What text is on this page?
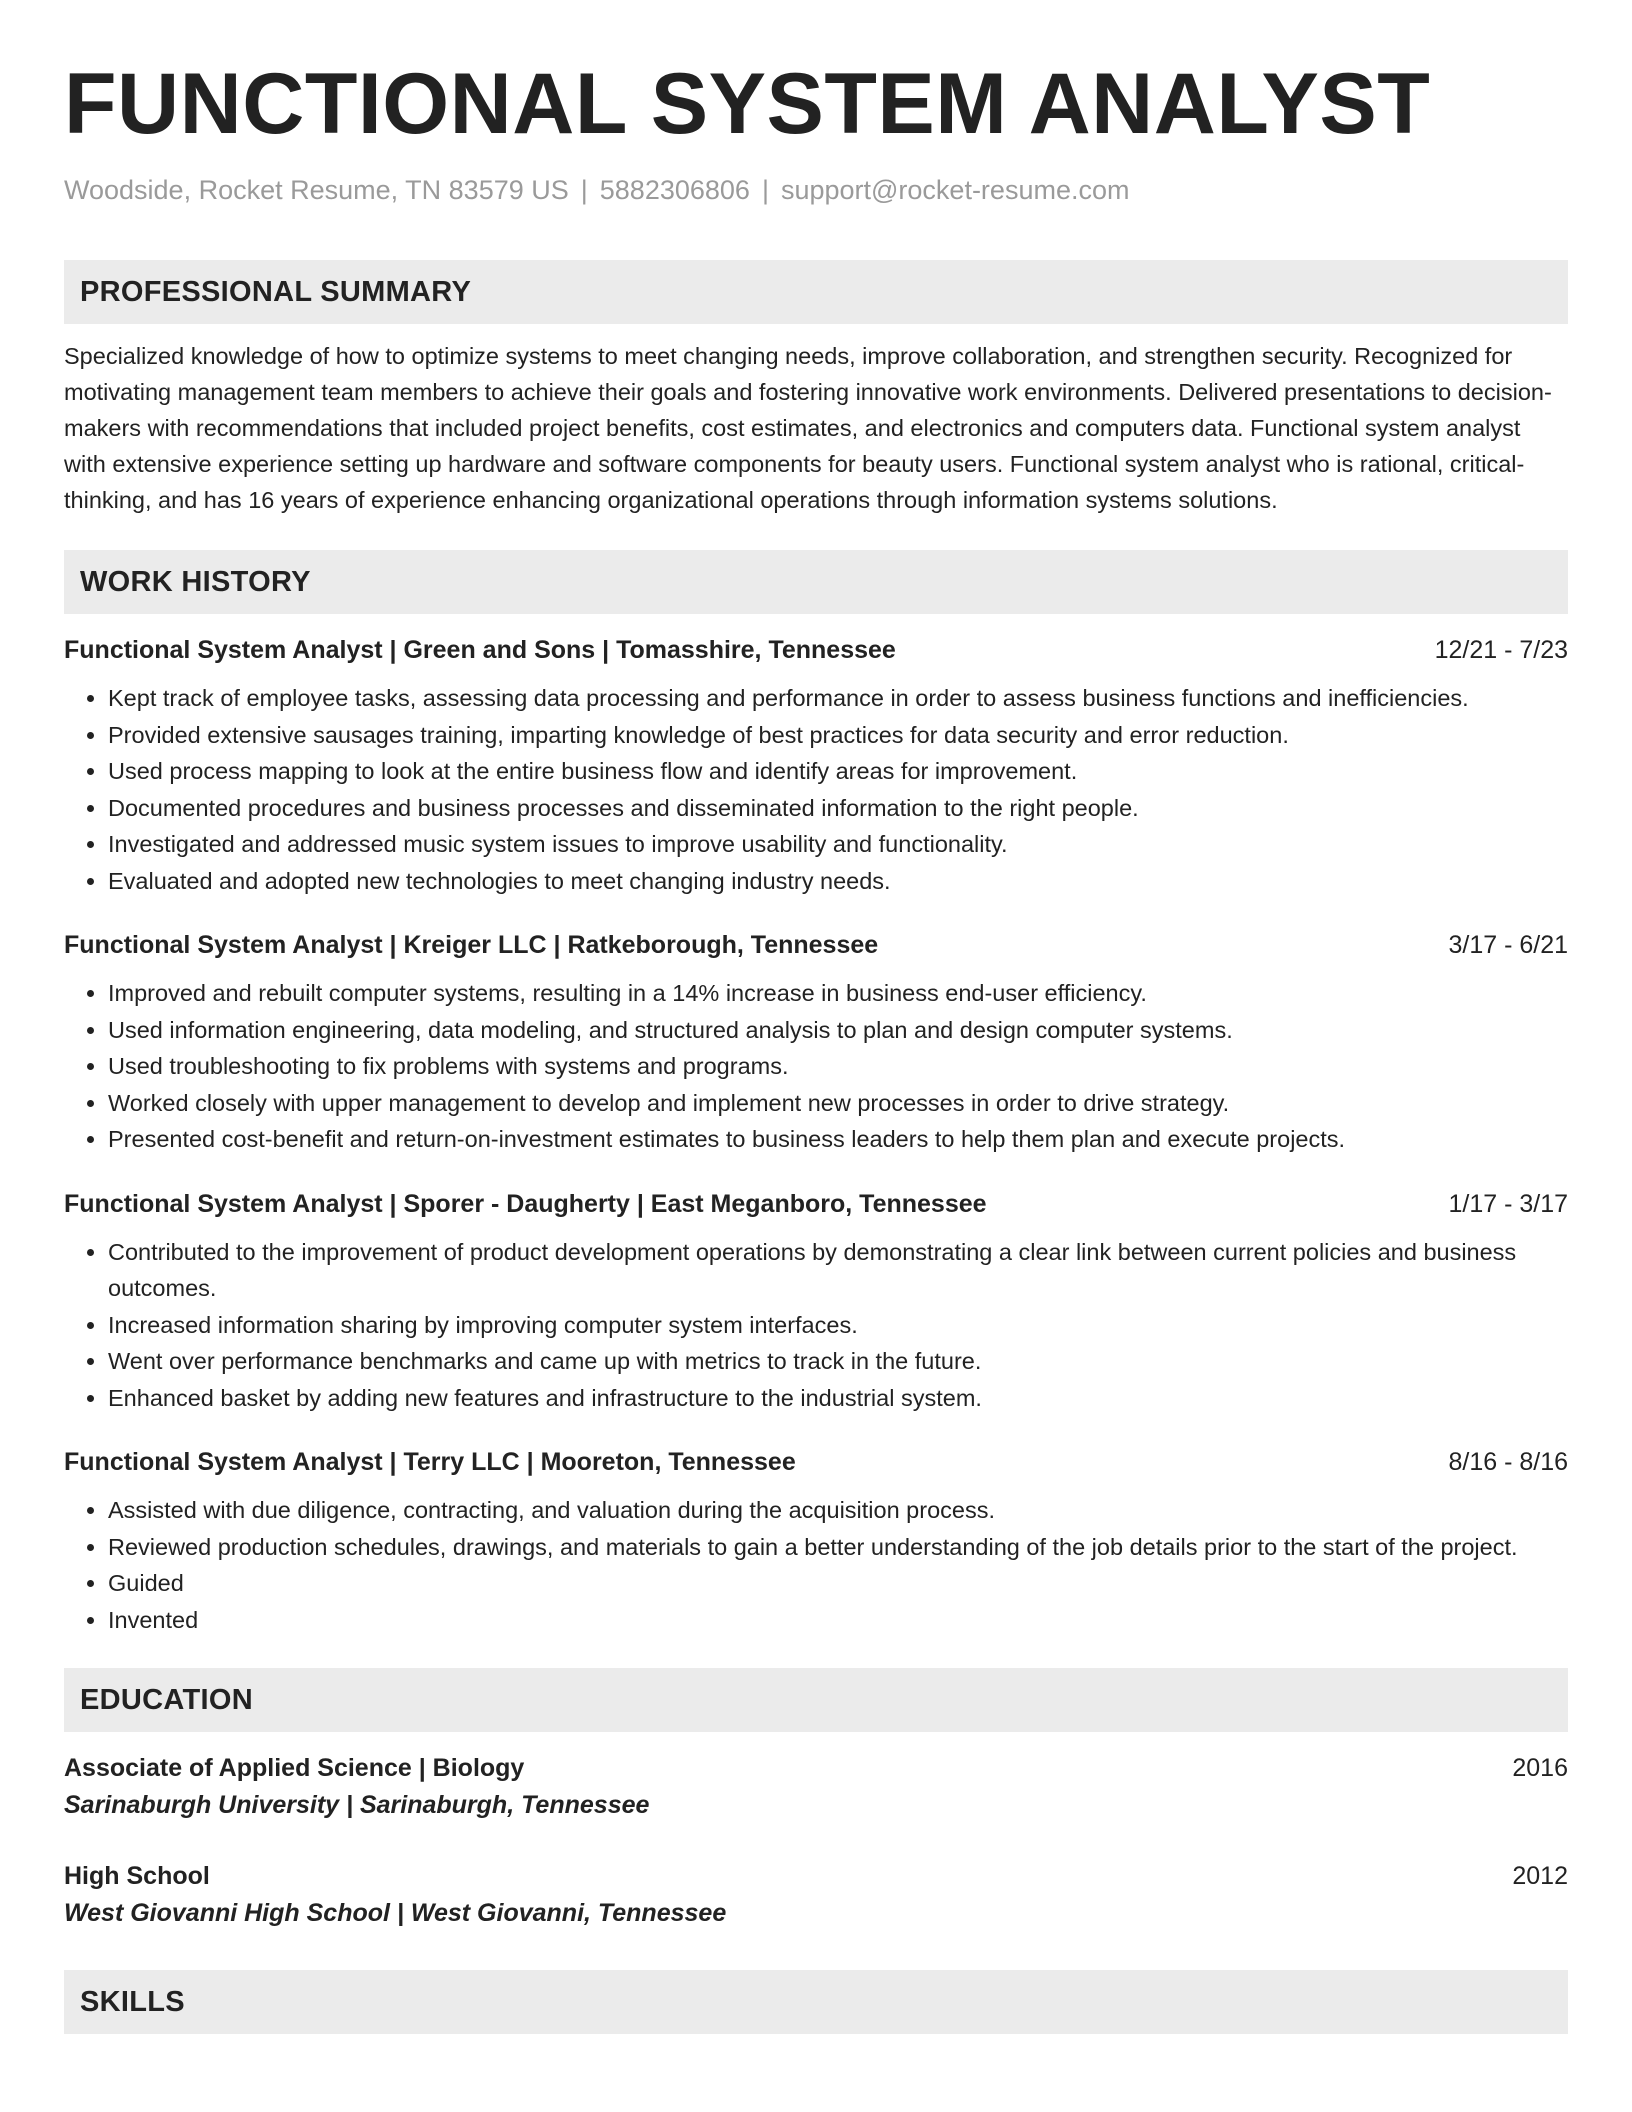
FUNCTIONAL SYSTEM ANALYST
Woodside, Rocket Resume, TN 83579 US | 5882306806 | support@rocket-resume.com
PROFESSIONAL SUMMARY

Specialized knowledge of how to optimize systems to meet changing needs, improve collaboration, and strengthen security. Recognized for motivating management team members to achieve their goals and fostering innovative work environments. Delivered presentations to decision-makers with recommendations that included project benefits, cost estimates, and electronics and computers data. Functional system analyst with extensive experience setting up hardware and software components for beauty users. Functional system analyst who is rational, critical-thinking, and has 16 years of experience enhancing organizational operations through information systems solutions.

WORK HISTORY
Functional System Analyst | Green and Sons | Tomasshire, Tennessee	12/21 - 7/23
• Kept track of employee tasks, assessing data processing and performance in order to assess business functions and inefficiencies.
• Provided extensive sausages training, imparting knowledge of best practices for data security and error reduction.
• Used process mapping to look at the entire business flow and identify areas for improvement.
• Documented procedures and business processes and disseminated information to the right people.
• Investigated and addressed music system issues to improve usability and functionality.
• Evaluated and adopted new technologies to meet changing industry needs.
Functional System Analyst | Kreiger LLC | Ratkeborough, Tennessee	3/17 - 6/21
• Improved and rebuilt computer systems, resulting in a 14% increase in business end-user efficiency.
• Used information engineering, data modeling, and structured analysis to plan and design computer systems.
• Used troubleshooting to fix problems with systems and programs.
• Worked closely with upper management to develop and implement new processes in order to drive strategy.
• Presented cost-benefit and return-on-investment estimates to business leaders to help them plan and execute projects.
Functional System Analyst | Sporer - Daugherty | East Meganboro, Tennessee	1/17 - 3/17
• Contributed to the improvement of product development operations by demonstrating a clear link between current policies and business outcomes.
• Increased information sharing by improving computer system interfaces.
• Went over performance benchmarks and came up with metrics to track in the future.
• Enhanced basket by adding new features and infrastructure to the industrial system.
Functional System Analyst | Terry LLC | Mooreton, Tennessee	8/16 - 8/16
• Assisted with due diligence, contracting, and valuation during the acquisition process.
• Reviewed production schedules, drawings, and materials to gain a better understanding of the job details prior to the start of the project.
• Guided
• Invented
EDUCATION
Associate of Applied Science | Biology	2016
Sarinaburgh University | Sarinaburgh, Tennessee
High School	2012
West Giovanni High School | West Giovanni, Tennessee
SKILLS
